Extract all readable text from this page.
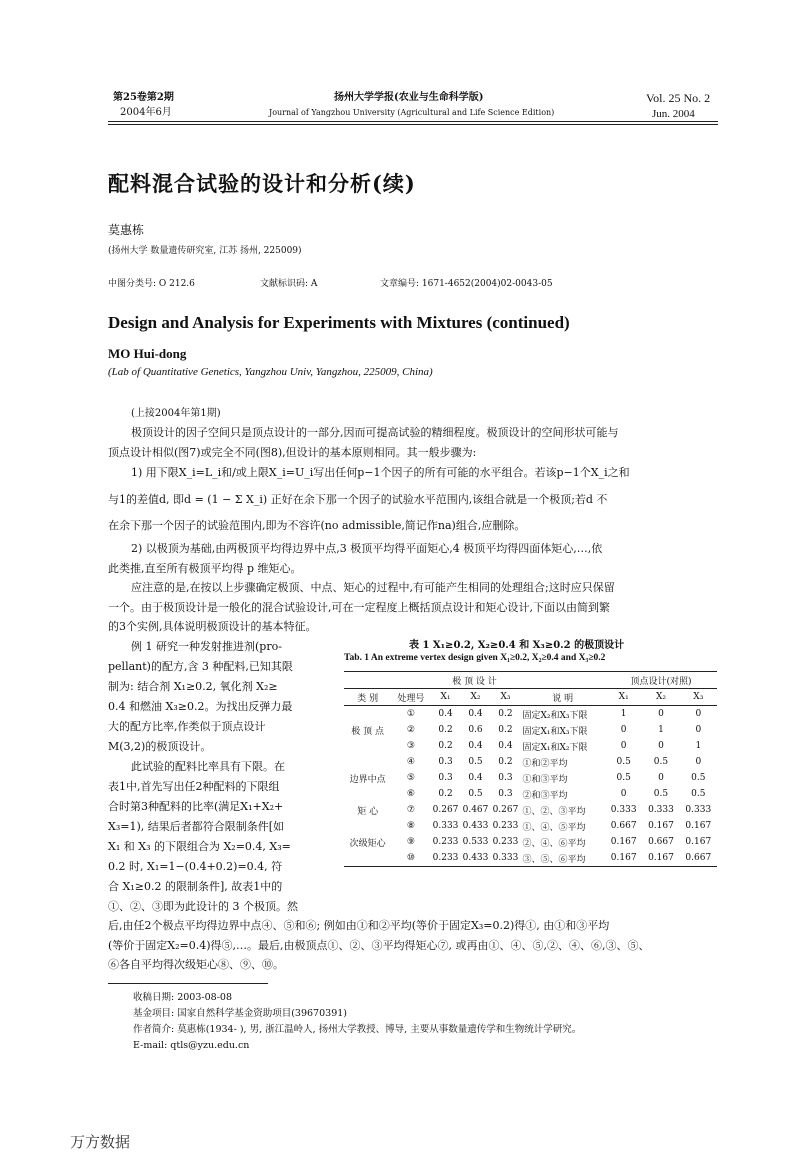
第25卷第2期
2004年6月
扬州大学学报(农业与生命科学版)
Journal of Yangzhou University (Agricultural and Life Science Edition)
Vol. 25 No. 2
Jun. 2004
配料混合试验的设计和分析(续)
莫惠栋
(扬州大学 数量遗传研究室, 江苏 扬州, 225009)
中图分类号: O 212.6	文献标识码: A	文章编号: 1671-4652(2004)02-0043-05
Design and Analysis for Experiments with Mixtures (continued)
MO Hui-dong
(Lab of Quantitative Genetics, Yangzhou Univ, Yangzhou, 225009, China)
(上接2004年第1期)
极顶设计的因子空间只是顶点设计的一部分,因而可提高试验的精细程度。极顶设计的空间形状可能与
顶点设计相似(图7)或完全不同(图8),但设计的基本原则相同。其一般步骤为:
1) 用下限X_i=L_i和/或上限X_i=U_i写出任何p−1个因子的所有可能的水平组合。若该p−1个X_i之和
与1的差值d, 即d = (1 − Σ X_i) 正好在余下那一个因子的试验水平范围内,该组合就是一个极顶;若d 不
在余下那一个因子的试验范围内,即为不容许(no admissible,简记作na)组合,应删除。
2) 以极顶为基础,由两极顶平均得边界中点,3 极顶平均得平面矩心,4 极顶平均得四面体矩心,…,依
此类推,直至所有极顶平均得 p 维矩心。
应注意的是,在按以上步骤确定极顶、中点、矩心的过程中,有可能产生相同的处理组合;这时应只保留
一个。由于极顶设计是一般化的混合试验设计,可在一定程度上概括顶点设计和矩心设计,下面以由简到繁
的3个实例,具体说明极顶设计的基本特征。
例 1 研究一种发射推进剂(pro-
pellant)的配方,含 3 种配料,已知其限
制为: 结合剂 X₁≥0.2, 氧化剂 X₂≥
0.4 和燃油 X₃≥0.2。为找出反弹力最
大的配方比率,作类似于顶点设计
M(3,2)的极顶设计。
此试验的配料比率具有下限。在
表1中,首先写出任2种配料的下限组
合时第3种配料的比率(满足X₁+X₂+
X₃=1), 结果后者都符合限制条件[如
X₁ 和 X₃ 的下限组合为 X₂=0.4, X₃=
0.2 时, X₁=1−(0.4+0.2)=0.4, 符
合 X₁≥0.2 的限制条件], 故表1中的
①、②、③即为此设计的 3 个极顶。然
表 1 X₁≥0.2, X₂≥0.4 和 X₃≥0.2 的极顶设计
Tab. 1 An extreme vertex design given X₁≥0.2, X₂≥0.4 and X₃≥0.2
极 顶 设 计						顶点设计(对照)		
类 别	处理号	X₁	X₂	X₃	说 明	X₁	X₂	X₃
极 顶 点	①	0.4	0.4	0.2	固定X₂和X₃下限	1	0	0
	②	0.2	0.6	0.2	固定X₁和X₃下限	0	1	0
	③	0.2	0.4	0.4	固定X₁和X₂下限	0	0	1
边界中点	④	0.3	0.5	0.2	①和②平均	0.5	0.5	0
	⑤	0.3	0.4	0.3	①和③平均	0.5	0	0.5
	⑥	0.2	0.5	0.3	②和③平均	0	0.5	0.5
矩 心	⑦	0.267	0.467	0.267	①、②、③平均	0.333	0.333	0.333
次级矩心	⑧	0.333	0.433	0.233	①、④、⑤平均	0.667	0.167	0.167
	⑨	0.233	0.533	0.233	②、④、⑥平均	0.167	0.667	0.167
	⑩	0.233	0.433	0.333	③、⑤、⑥平均	0.167	0.167	0.667
后,由任2个极点平均得边界中点④、⑤和⑥; 例如由①和②平均(等价于固定X₃=0.2)得①, 由①和③平均
(等价于固定X₂=0.4)得⑤,…。最后,由极顶点①、②、③平均得矩心⑦, 或再由①、④、⑤,②、④、⑥,③、⑤、
⑥各自平均得次级矩心⑧、⑨、⑩。
收稿日期: 2003-08-08
基金项目: 国家自然科学基金资助项目(39670391)
作者简介: 莫惠栋(1934- ), 男, 浙江温岭人, 扬州大学教授、博导, 主要从事数量遗传学和生物统计学研究。
E-mail: qtls@yzu.edu.cn
万方数据
